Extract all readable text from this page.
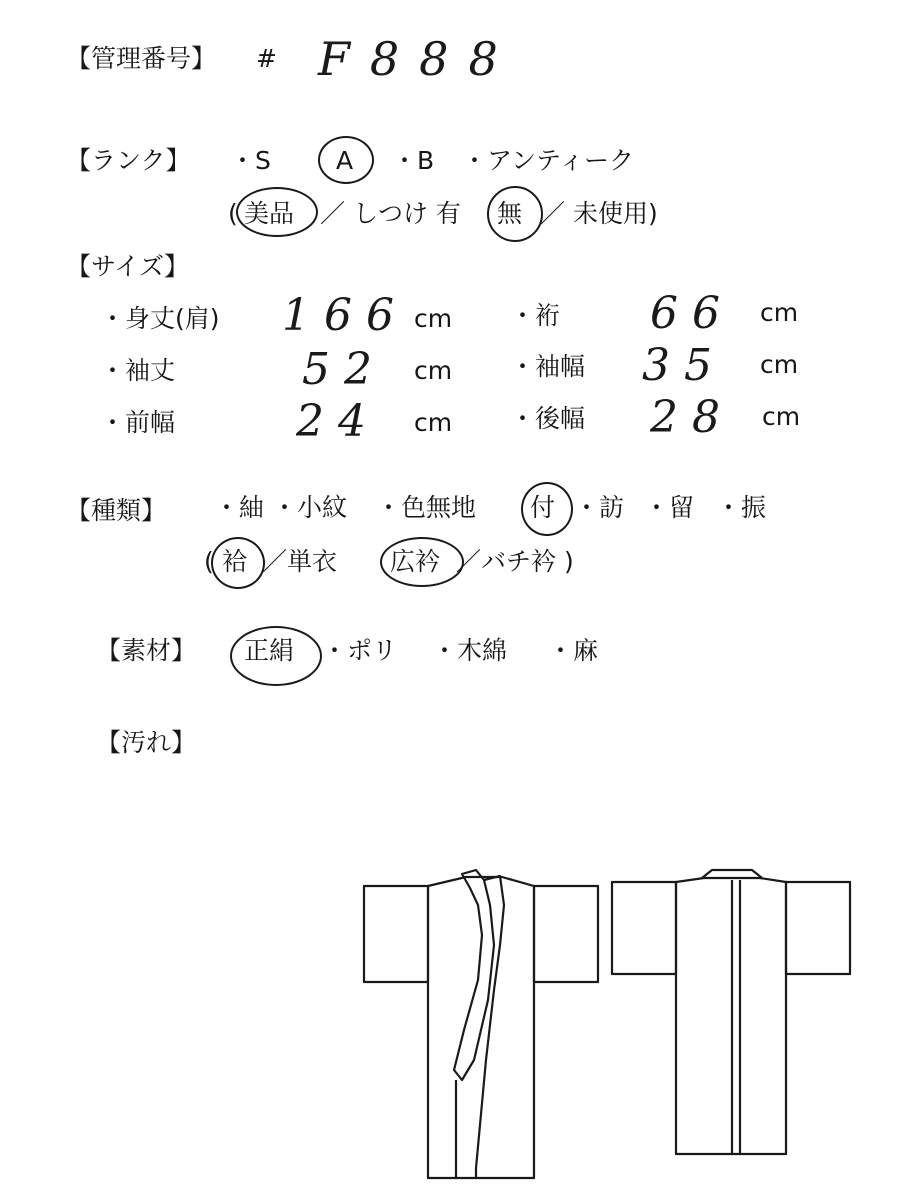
【管理番号】 # F888
【ランク】 ・S	A ・B ・アンティーク
( 美品 ／ しつけ 有 無 ／ 未使用)
【サイズ】
・身丈(肩) 166 cm ・裄 66 cm
・袖丈	52 cm ・袖幅 35 cm
・前幅	24 cm ・後幅 28 cm
【種類】 ・紬 ・小紋 ・色無地 付 ・訪 ・留 ・振
( 袷 ／単衣 広衿 ／バチ衿 )
【素材】 正絹 ・ポリ ・木綿 ・麻
【汚れ】
